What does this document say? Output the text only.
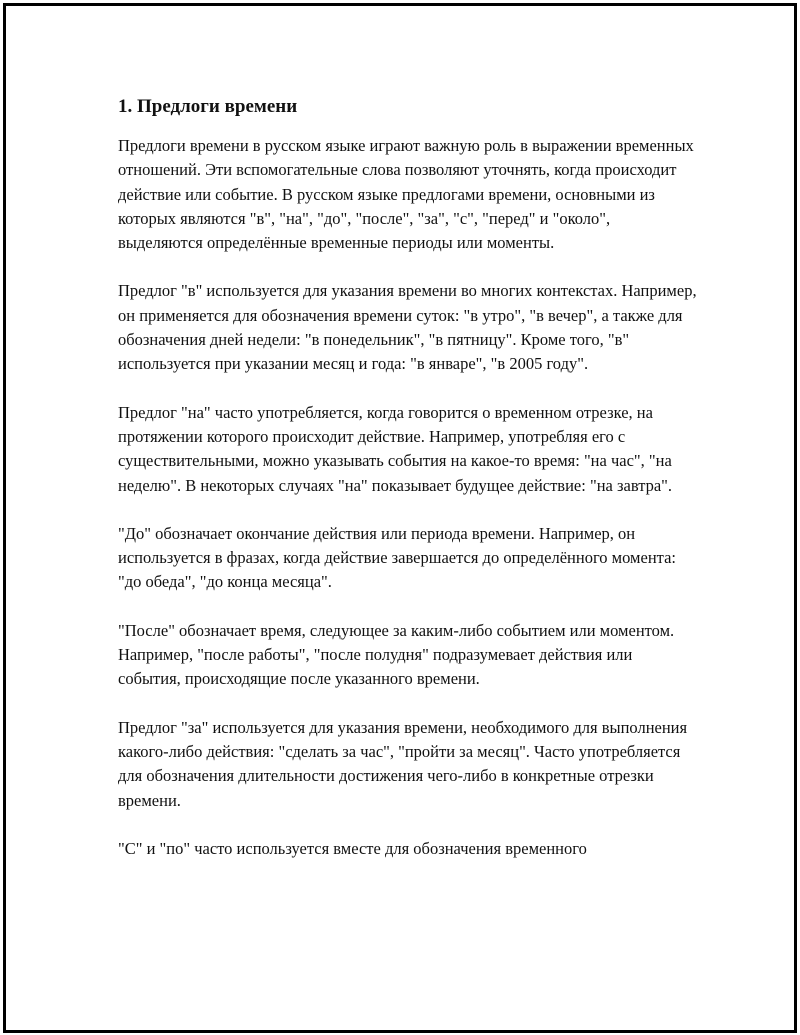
1. Предлоги времени

Предлоги времени в русском языке играют важную роль в выражении временных отношений. Эти вспомогательные слова позволяют уточнять, когда происходит действие или событие. В русском языке предлогами времени, основными из которых являются "в", "на", "до", "после", "за", "с", "перед" и "около", выделяются определённые временные периоды или моменты.

Предлог "в" используется для указания времени во многих контекстах. Например, он применяется для обозначения времени суток: "в утро", "в вечер", а также для обозначения дней недели: "в понедельник", "в пятницу". Кроме того, "в" используется при указании месяц и года: "в январе", "в 2005 году".

Предлог "на" часто употребляется, когда говорится о временном отрезке, на протяжении которого происходит действие. Например, употребляя его с существительными, можно указывать события на какое-то время: "на час", "на неделю". В некоторых случаях "на" показывает будущее действие: "на завтра".

"До" обозначает окончание действия или периода времени. Например, он используется в фразах, когда действие завершается до определённого момента: "до обеда", "до конца месяца".

"После" обозначает время, следующее за каким-либо событием или моментом. Например, "после работы", "после полудня" подразумевает действия или события, происходящие после указанного времени.

Предлог "за" используется для указания времени, необходимого для выполнения какого-либо действия: "сделать за час", "пройти за месяц". Часто употребляется для обозначения длительности достижения чего-либо в конкретные отрезки времени.

"С" и "по" часто используется вместе для обозначения временного
